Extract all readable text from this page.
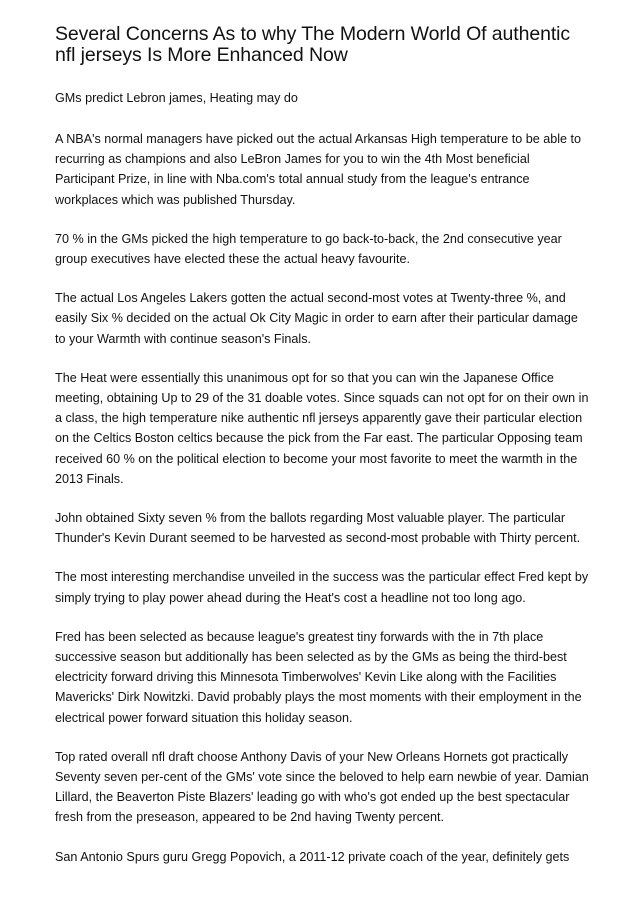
Several Concerns As to why The Modern World Of authentic nfl jerseys Is More Enhanced Now

GMs predict Lebron james, Heating may do

A NBA's normal managers have picked out the actual Arkansas High temperature to be able to recurring as champions and also LeBron James for you to win the 4th Most beneficial Participant Prize, in line with Nba.com's total annual study from the league's entrance workplaces which was published Thursday.

70 % in the GMs picked the high temperature to go back-to-back, the 2nd consecutive year group executives have elected these the actual heavy favourite.

The actual Los Angeles Lakers gotten the actual second-most votes at Twenty-three %, and easily Six % decided on the actual Ok City Magic in order to earn after their particular damage to your Warmth with continue season's Finals.

The Heat were essentially this unanimous opt for so that you can win the Japanese Office meeting, obtaining Up to 29 of the 31 doable votes. Since squads can not opt for on their own in a class, the high temperature nike authentic nfl jerseys apparently gave their particular election on the Celtics Boston celtics because the pick from the Far east. The particular Opposing team received 60 % on the political election to become your most favorite to meet the warmth in the 2013 Finals.

John obtained Sixty seven % from the ballots regarding Most valuable player. The particular Thunder's Kevin Durant seemed to be harvested as second-most probable with Thirty percent.

The most interesting merchandise unveiled in the success was the particular effect Fred kept by simply trying to play power ahead during the Heat's cost a headline not too long ago.

Fred has been selected as because league's greatest tiny forwards with the in 7th place successive season but additionally has been selected as by the GMs as being the third-best electricity forward driving this Minnesota Timberwolves' Kevin Like along with the Facilities Mavericks' Dirk Nowitzki. David probably plays the most moments with their employment in the electrical power forward situation this holiday season.

Top rated overall nfl draft choose Anthony Davis of your New Orleans Hornets got practically Seventy seven per-cent of the GMs' vote since the beloved to help earn newbie of year. Damian Lillard, the Beaverton Piste Blazers' leading go with who's got ended up the best spectacular fresh from the preseason, appeared to be 2nd having Twenty percent.

San Antonio Spurs guru Gregg Popovich, a 2011-12 private coach of the year, definitely gets
